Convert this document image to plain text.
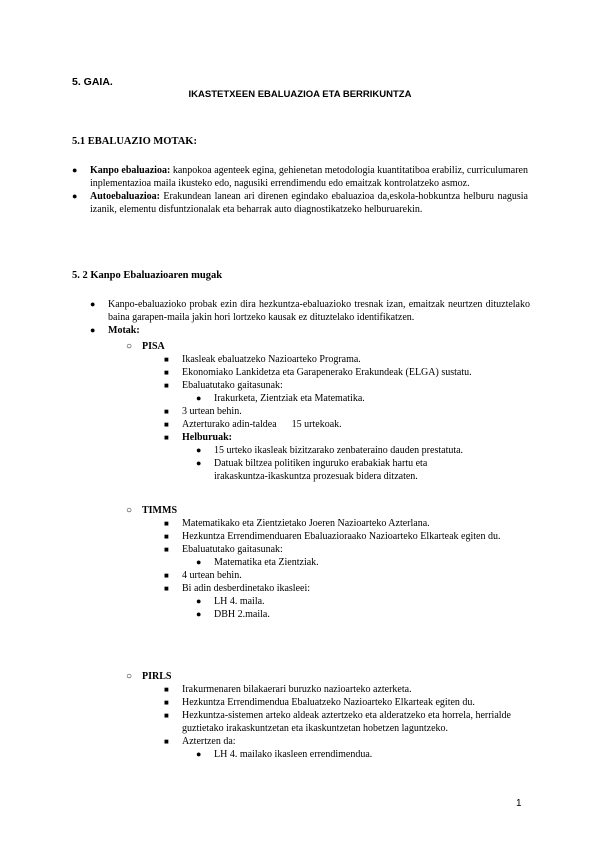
5. GAIA.
IKASTETXEEN EBALUAZIOA ETA BERRIKUNTZA
5.1 EBALUAZIO MOTAK:
● Kanpo ebaluazioa: kanpokoa agenteek egina, gehienetan metodologia kuantitatiboa erabiliz, curriculumaren inplementazioa maila ikusteko edo, nagusiki errendimendu edo emaitzak kontrolatzeko asmoz.
● Autoebaluazioa: Erakundean lanean ari direnen egindako ebaluazioa da,eskola-hobkuntza helburu nagusia izanik, elementu disfuntzionalak eta beharrak auto diagnostikatzeko helburuarekin.
5. 2 Kanpo Ebaluazioaren mugak
● Kanpo-ebaluazioko probak ezin dira hezkuntza-ebaluazioko tresnak izan, emaitzak neurtzen dituztelako baina garapen-maila jakin hori lortzeko kausak ez dituztelako identifikatzen.
● Motak:
○ PISA
■ Ikasleak ebaluatzeko Nazioarteko Programa.
■ Ekonomiako Lankidetza eta Garapenerako Erakundeak (ELGA) sustatu.
■ Ebaluatutako gaitasunak:
● Irakurketa, Zientziak eta Matematika.
■ 3 urtean behin.
■ Azterturako adin-taldea      15 urtekoak.
■ Helburuak:
● 15 urteko ikasleak bizitzarako zenbateraino dauden prestatuta.
● Datuak biltzea politiken inguruko erabakiak hartu eta irakaskuntza-ikaskuntza prozesuak bidera ditzaten.
○ TIMMS
■ Matematikako eta Zientzietako Joeren Nazioarteko Azterlana.
■ Hezkuntza Errendimenduaren Ebaluazioraako Nazioarteko Elkarteak egiten du.
■ Ebaluatutako gaitasunak:
● Matematika eta Zientziak.
■ 4 urtean behin.
■ Bi adin desberdinetako ikasleei:
● LH 4. maila.
● DBH 2.maila.
○ PIRLS
■ Irakurmenaren bilakaerari buruzko nazioarteko azterketa.
■ Hezkuntza Errendimendua Ebaluatzeko Nazioarteko Elkarteak egiten du.
■ Hezkuntza-sistemen arteko aldeak aztertzeko eta alderatzeko eta horrela, herrialde guztietako irakaskuntzetan eta ikaskuntzetan hobetzen laguntzeko.
■ Aztertzen da:
● LH 4. mailako ikasleen errendimendua.
1
